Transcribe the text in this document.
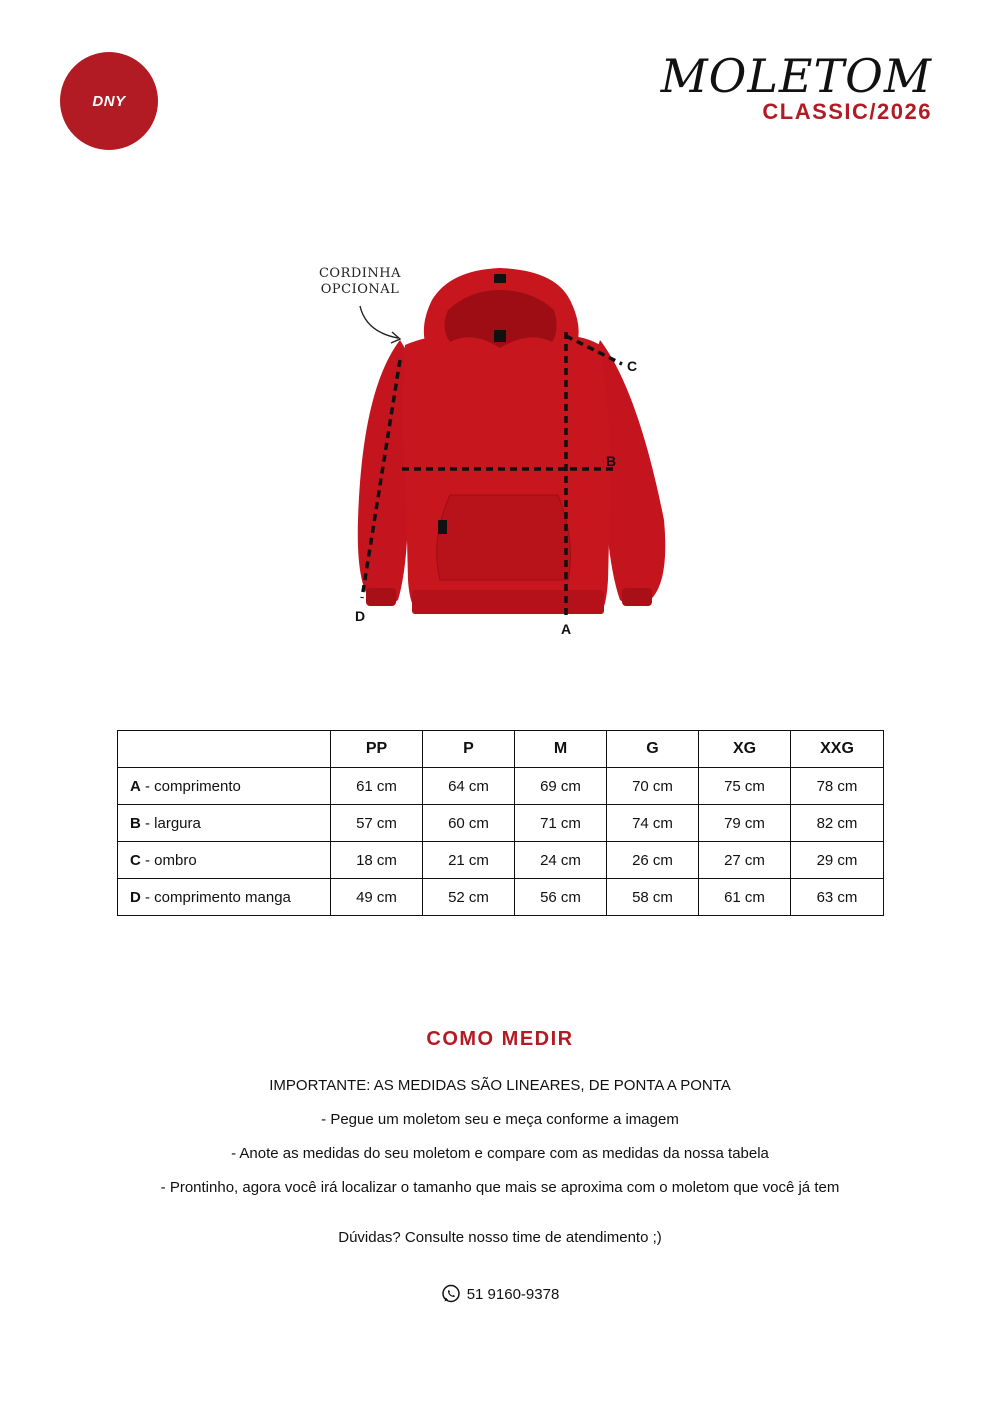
DNY	MOLETOM
CLASSIC/2026
CORDINHA
OPCIONAL
C
B
D
A
	PP	P	M	G	XG	XXG
A - comprimento	61 cm	64 cm	69 cm	70 cm	75 cm	78 cm
B - largura	57 cm	60 cm	71 cm	74 cm	79 cm	82 cm
C - ombro	18 cm	21 cm	24 cm	26 cm	27 cm	29 cm
D - comprimento manga	49 cm	52 cm	56 cm	58 cm	61 cm	63 cm
COMO MEDIR
IMPORTANTE: AS MEDIDAS SÃO LINEARES, DE PONTA A PONTA
- Pegue um moletom seu e meça conforme a imagem
- Anote as medidas do seu moletom e compare com as medidas da nossa tabela
- Prontinho, agora você irá localizar o tamanho que mais se aproxima com o moletom que você já tem
Dúvidas? Consulte nosso time de atendimento ;)
51 9160-9378
